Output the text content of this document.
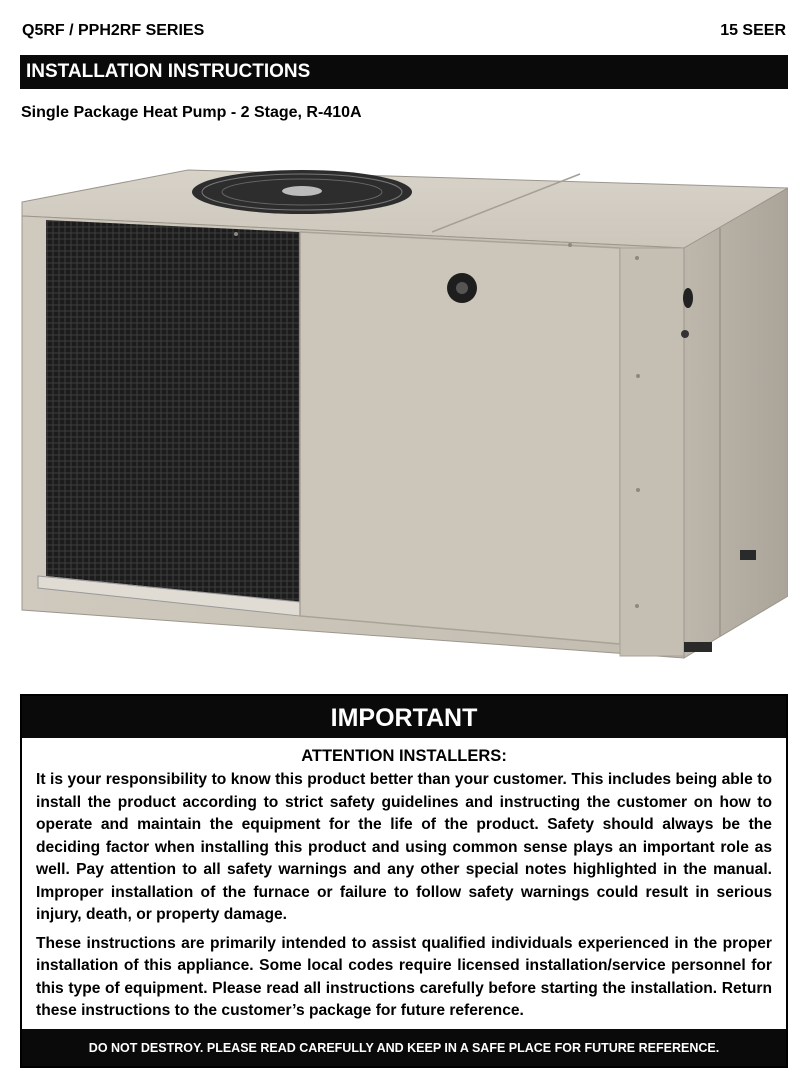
Q5RF / PPH2RF SERIES	15 SEER
INSTALLATION INSTRUCTIONS
Single Package Heat Pump - 2 Stage, R-410A
IMPORTANT
ATTENTION INSTALLERS:

It is your responsibility to know this product better than your customer. This includes being able to install the product according to strict safety guidelines and instructing the customer on how to operate and maintain the equipment for the life of the product. Safety should always be the deciding factor when installing this product and using common sense plays an important role as well. Pay attention to all safety warnings and any other special notes highlighted in the manual. Improper installation of the furnace or failure to follow safety warnings could result in serious injury, death, or property damage.

These instructions are primarily intended to assist qualified individuals experienced in the proper installation of this appliance. Some local codes require licensed installation/service personnel for this type of equipment. Please read all instructions carefully before starting the installation. Return these instructions to the customer’s package for future reference.

DO NOT DESTROY. PLEASE READ CAREFULLY AND KEEP IN A SAFE PLACE FOR FUTURE REFERENCE.
